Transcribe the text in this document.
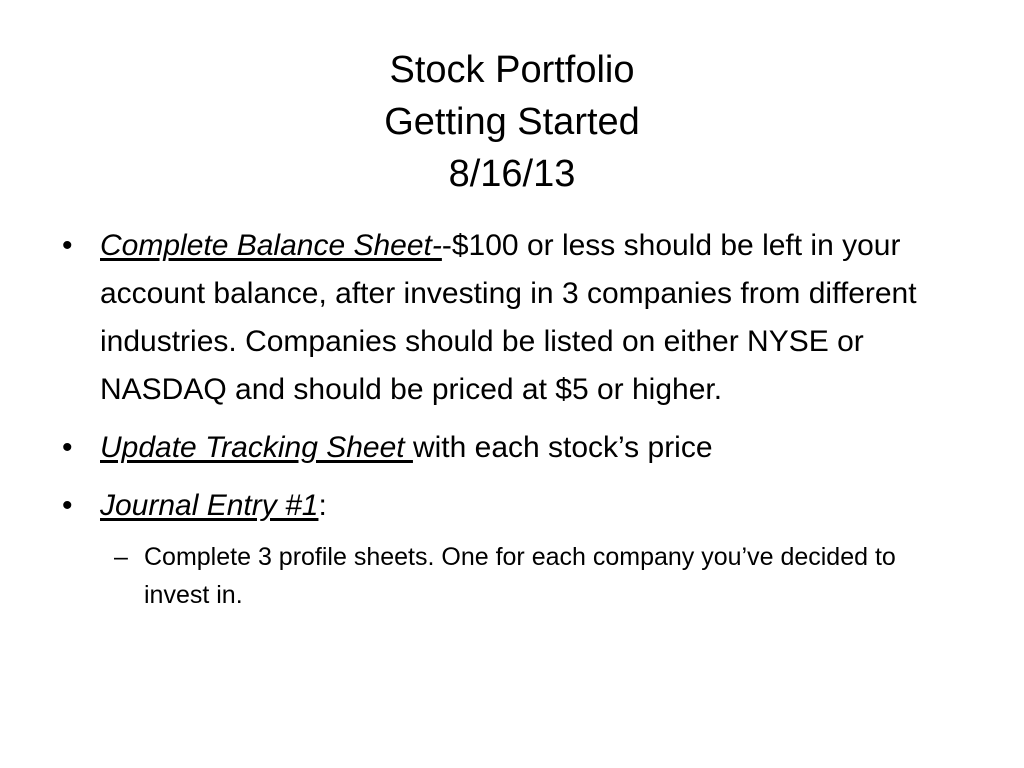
Stock Portfolio
Getting Started
8/16/13
• Complete Balance Sheet--$100 or less should be left in your account balance, after investing in 3 companies from different industries. Companies should be listed on either NYSE or NASDAQ and should be priced at $5 or higher.
• Update Tracking Sheet with each stock’s price
• Journal Entry #1:
– Complete 3 profile sheets. One for each company you’ve decided to invest in.
